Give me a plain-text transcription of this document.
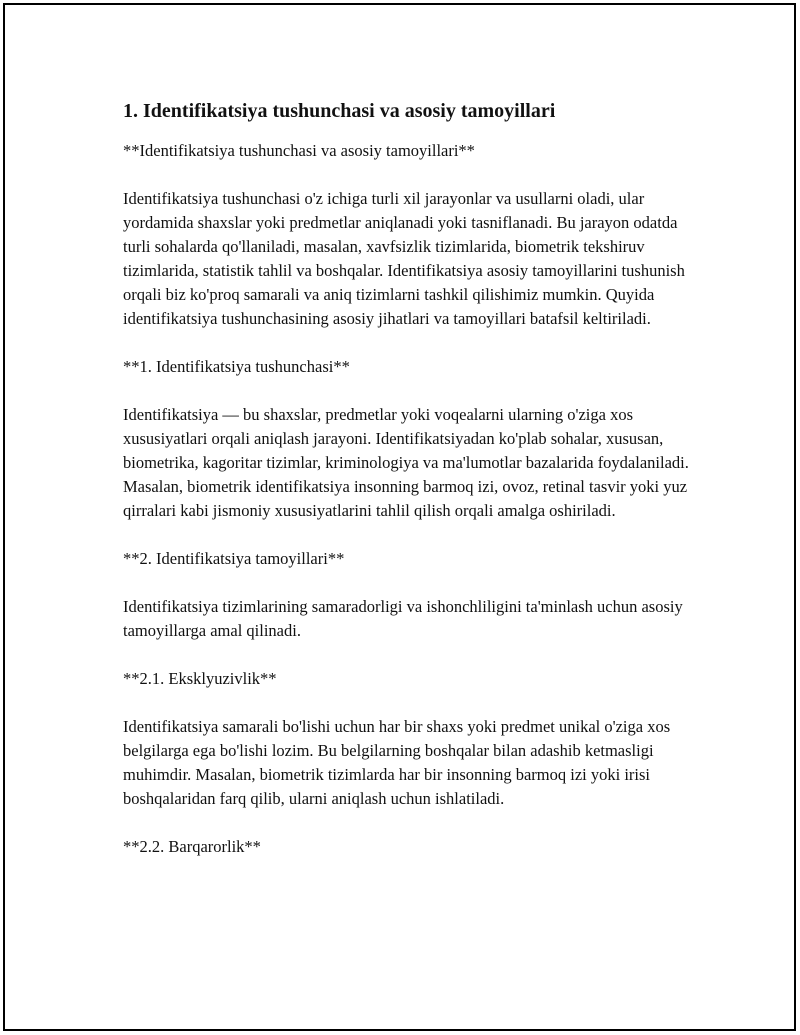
1. Identifikatsiya tushunchasi va asosiy tamoyillari

**Identifikatsiya tushunchasi va asosiy tamoyillari**

Identifikatsiya tushunchasi o'z ichiga turli xil jarayonlar va usullarni oladi, ular yordamida shaxslar yoki predmetlar aniqlanadi yoki tasniflanadi. Bu jarayon odatda turli sohalarda qo'llaniladi, masalan, xavfsizlik tizimlarida, biometrik tekshiruv tizimlarida, statistik tahlil va boshqalar. Identifikatsiya asosiy tamoyillarini tushunish orqali biz ko'proq samarali va aniq tizimlarni tashkil qilishimiz mumkin. Quyida identifikatsiya tushunchasining asosiy jihatlari va tamoyillari batafsil keltiriladi.

**1. Identifikatsiya tushunchasi**

Identifikatsiya — bu shaxslar, predmetlar yoki voqealarni ularning o'ziga xos xususiyatlari orqali aniqlash jarayoni. Identifikatsiyadan ko'plab sohalar, xususan, biometrika, kagoritar tizimlar, kriminologiya va ma'lumotlar bazalarida foydalaniladi. Masalan, biometrik identifikatsiya insonning barmoq izi, ovoz, retinal tasvir yoki yuz qirralari kabi jismoniy xususiyatlarini tahlil qilish orqali amalga oshiriladi.

**2. Identifikatsiya tamoyillari**

Identifikatsiya tizimlarining samaradorligi va ishonchliligini ta'minlash uchun asosiy tamoyillarga amal qilinadi.

**2.1. Eksklyuzivlik**

Identifikatsiya samarali bo'lishi uchun har bir shaxs yoki predmet unikal o'ziga xos belgilarga ega bo'lishi lozim. Bu belgilarning boshqalar bilan adashib ketmasligi muhimdir. Masalan, biometrik tizimlarda har bir insonning barmoq izi yoki irisi boshqalaridan farq qilib, ularni aniqlash uchun ishlatiladi.

**2.2. Barqarorlik**
